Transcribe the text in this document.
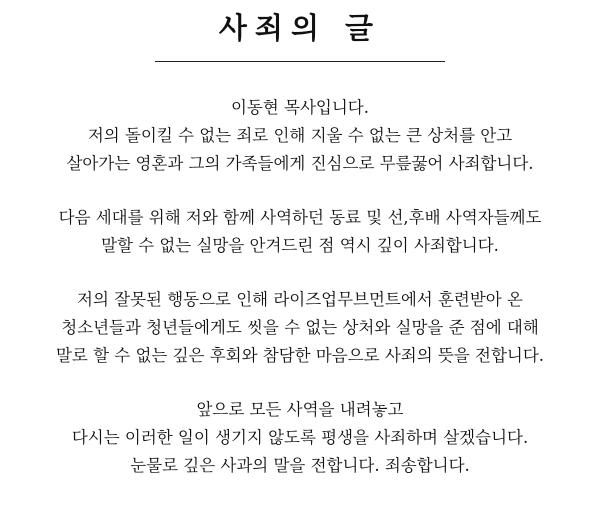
사죄의 글

이동현 목사입니다.
저의 돌이킬 수 없는 죄로 인해 지울 수 없는 큰 상처를 안고
살아가는 영혼과 그의 가족들에게 진심으로 무릎꿇어 사죄합니다.

다음 세대를 위해 저와 함께 사역하던 동료 및 선,후배 사역자들께도
말할 수 없는 실망을 안겨드린 점 역시 깊이 사죄합니다.

저의 잘못된 행동으로 인해 라이즈업무브먼트에서 훈련받아 온
청소년들과 청년들에게도 씻을 수 없는 상처와 실망을 준 점에 대해
말로 할 수 없는 깊은 후회와 참담한 마음으로 사죄의 뜻을 전합니다.

앞으로 모든 사역을 내려놓고
다시는 이러한 일이 생기지 않도록 평생을 사죄하며 살겠습니다.
눈물로 깊은 사과의 말을 전합니다. 죄송합니다.
